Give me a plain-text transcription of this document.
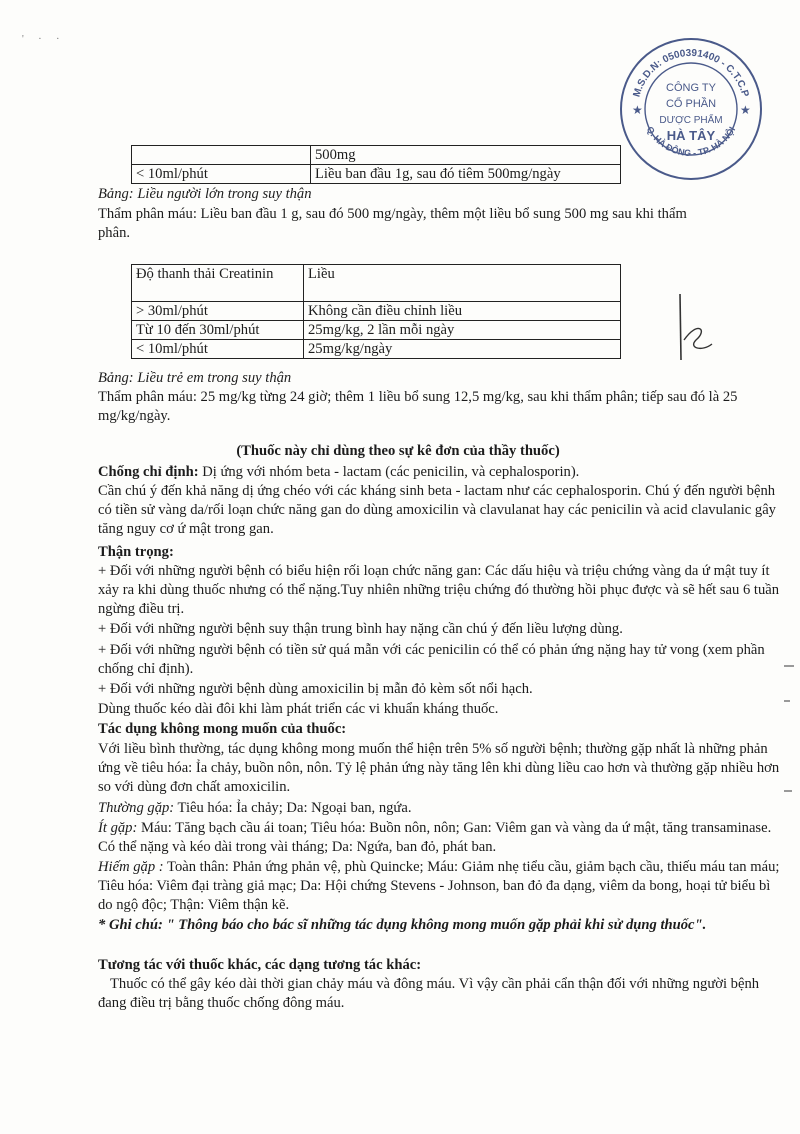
' · ·
M.S.D.N: 0500391400 - C.T.C.P
Q. HÀ ĐÔNG - TP. HÀ NỘI
CÔNG TY
CỔ PHẦN
DƯỢC PHẨM
HÀ TÂY
★	★
	500mg
< 10ml/phút	Liều ban đầu 1g, sau đó tiêm 500mg/ngày

Bảng: Liều người lớn trong suy thận

Thẩm phân máu: Liều ban đầu 1 g, sau đó 500 mg/ngày, thêm một liều bổ sung 500 mg sau khi thẩm phân.

Độ thanh thải Creatinin	Liều
> 30ml/phút	Không cần điều chỉnh liều
Từ 10 đến 30ml/phút	25mg/kg, 2 lần mỗi ngày
< 10ml/phút	25mg/kg/ngày

Bảng: Liều trẻ em trong suy thận

Thẩm phân máu: 25 mg/kg từng 24 giờ; thêm 1 liều bổ sung 12,5 mg/kg, sau khi thẩm phân; tiếp sau đó là 25 mg/kg/ngày.

(Thuốc này chỉ dùng theo sự kê đơn của thầy thuốc)

Chống chỉ định: Dị ứng với nhóm beta - lactam (các penicilin, và cephalosporin).

Cần chú ý đến khả năng dị ứng chéo với các kháng sinh beta - lactam như các cephalosporin. Chú ý đến người bệnh có tiền sử vàng da/rối loạn chức năng gan do dùng amoxicilin và clavulanat hay các penicilin và acid clavulanic gây tăng nguy cơ ứ mật trong gan.

Thận trọng:

+ Đối với những người bệnh có biểu hiện rối loạn chức năng gan: Các dấu hiệu và triệu chứng vàng da ứ mật tuy ít xảy ra khi dùng thuốc nhưng có thể nặng.Tuy nhiên những triệu chứng đó thường hồi phục được và sẽ hết sau 6 tuần ngừng điều trị.

+ Đối với những người bệnh suy thận trung bình hay nặng cần chú ý đến liều lượng dùng.

+ Đối với những người bệnh có tiền sử quá mẫn với các penicilin có thể có phản ứng nặng hay tử vong (xem phần chống chỉ định).

+ Đối với những người bệnh dùng amoxicilin bị mẫn đỏ kèm sốt nổi hạch.

Dùng thuốc kéo dài đôi khi làm phát triển các vi khuẩn kháng thuốc.

Tác dụng không mong muốn của thuốc:

Với liều bình thường, tác dụng không mong muốn thể hiện trên 5% số người bệnh; thường gặp nhất là những phản ứng về tiêu hóa: Ỉa chảy, buồn nôn, nôn. Tỷ lệ phản ứng này tăng lên khi dùng liều cao hơn và thường gặp nhiều hơn so với dùng đơn chất amoxicilin.

Thường gặp: Tiêu hóa: Ỉa chảy; Da: Ngoại ban, ngứa.

Ít gặp: Máu: Tăng bạch cầu ái toan; Tiêu hóa: Buồn nôn, nôn; Gan: Viêm gan và vàng da ứ mật, tăng transaminase. Có thể nặng và kéo dài trong vài tháng; Da: Ngứa, ban đỏ, phát ban.

Hiếm gặp : Toàn thân: Phản ứng phản vệ, phù Quincke; Máu: Giảm nhẹ tiểu cầu, giảm bạch cầu, thiếu máu tan máu; Tiêu hóa: Viêm đại tràng giả mạc; Da: Hội chứng Stevens - Johnson, ban đỏ đa dạng, viêm da bong, hoại tử biểu bì do ngộ độc; Thận: Viêm thận kẽ.

* Ghi chú: " Thông báo cho bác sĩ những tác dụng không mong muốn gặp phải khi sử dụng thuốc".

Tương tác với thuốc khác, các dạng tương tác khác:

Thuốc có thể gây kéo dài thời gian chảy máu và đông máu. Vì vậy cần phải cẩn thận đối với những người bệnh đang điều trị bằng thuốc chống đông máu.
